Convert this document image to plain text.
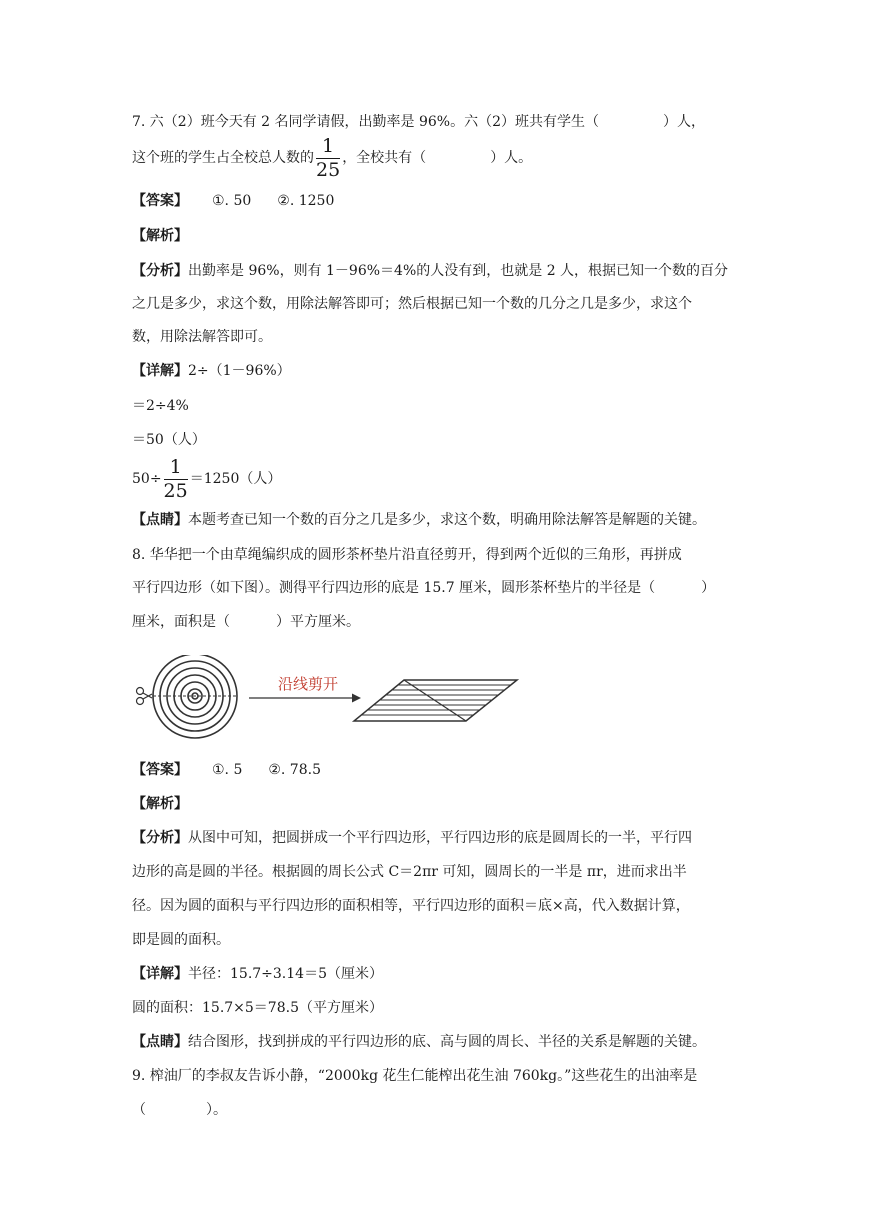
7. 六（2）班今天有 2 名同学请假，出勤率是 96%。六（2）班共有学生（	）人，
这个班的学生占全校总人数的 $\frac{1}{25}$ ，全校共有（	）人。
【答案】 ①. 50 ②. 1250
【解析】
【分析】出勤率是 96%，则有 1－96%＝4%的人没有到，也就是 2 人，根据已知一个数的百分
之几是多少，求这个数，用除法解答即可；然后根据已知一个数的几分之几是多少，求这个
数，用除法解答即可。
【详解】2÷（1－96%）
＝2÷4%
＝50（人）
$50\div \frac{1}{25} =1250$（人）
【点睛】本题考查已知一个数的百分之几是多少，求这个数，明确用除法解答是解题的关键。
8. 华华把一个由草绳编织成的圆形茶杯垫片沿直径剪开，得到两个近似的三角形，再拼成
平行四边形（如下图）。测得平行四边形的底是 15.7 厘米，圆形茶杯垫片的半径是（	）
厘米，面积是（	）平方厘米。
沿线剪开
【答案】 ①. 5 ②. 78.5
【解析】
【分析】从图中可知，把圆拼成一个平行四边形，平行四边形的底是圆周长的一半，平行四
边形的高是圆的半径。根据圆的周长公式 C＝2πr 可知，圆周长的一半是 πr，进而求出半
径。因为圆的面积与平行四边形的面积相等，平行四边形的面积＝底×高，代入数据计算，
即是圆的面积。
【详解】半径：15.7÷3.14＝5（厘米）
圆的面积：15.7×5＝78.5（平方厘米）
【点睛】结合图形，找到拼成的平行四边形的底、高与圆的周长、半径的关系是解题的关键。
9. 榨油厂的李叔友告诉小静，“2000kg 花生仁能榨出花生油 760kg。”这些花生的出油率是
（	）。
